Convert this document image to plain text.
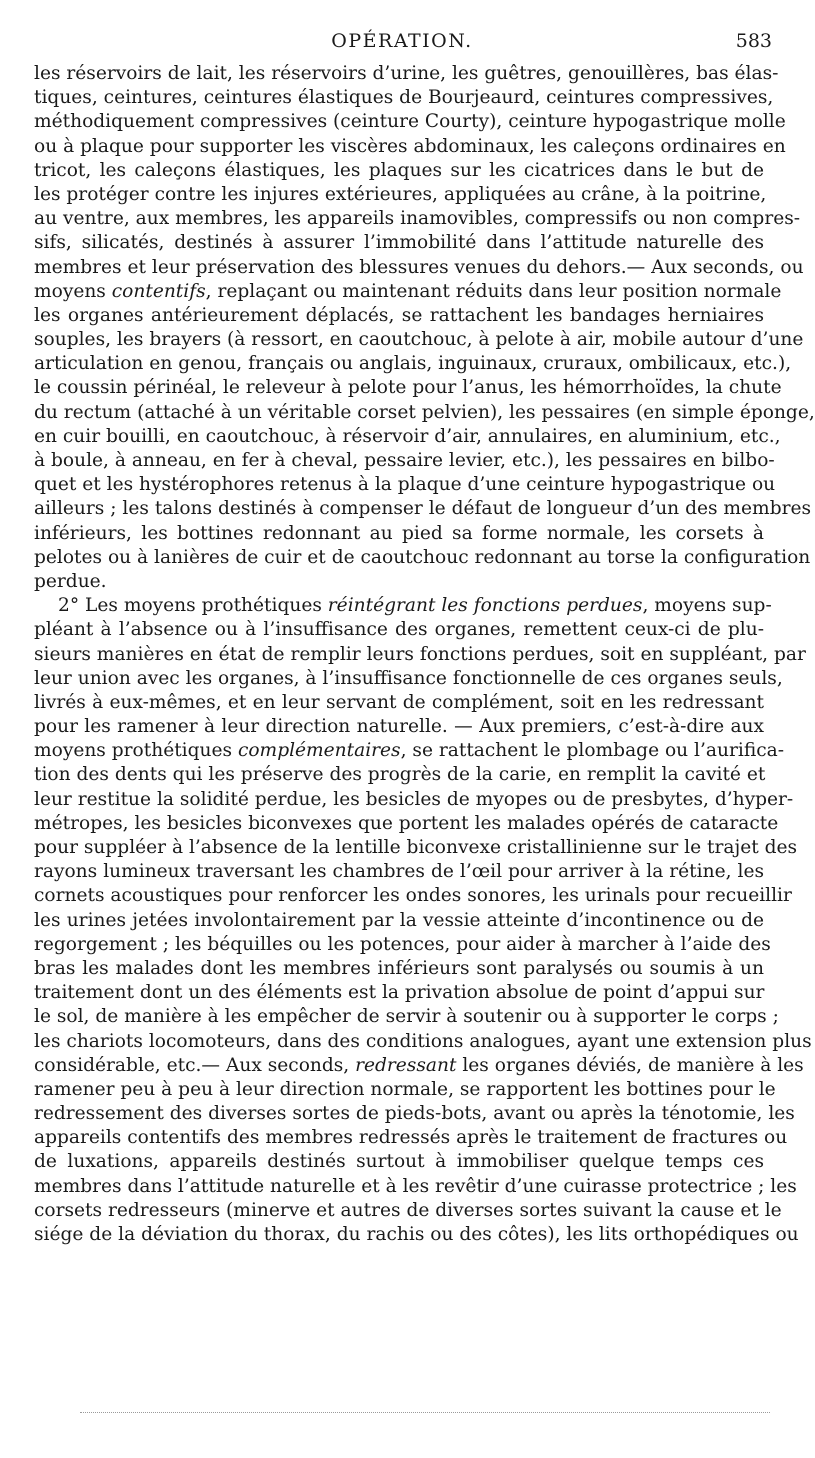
OPÉRATION.	583
les réservoirs de lait, les réservoirs d’urine, les guêtres, genouillères, bas élas-
tiques, ceintures, ceintures élastiques de Bourjeaurd, ceintures compressives,
méthodiquement compressives (ceinture Courty), ceinture hypogastrique molle
ou à plaque pour supporter les viscères abdominaux, les caleçons ordinaires en
tricot, les caleçons élastiques, les plaques sur les cicatrices dans le but de
les protéger contre les injures extérieures, appliquées au crâne, à la poitrine,
au ventre, aux membres, les appareils inamovibles, compressifs ou non compres-
sifs, silicatés, destinés à assurer l’immobilité dans l’attitude naturelle des
membres et leur préservation des blessures venues du dehors.— Aux seconds, ou
moyens contentifs, replaçant ou maintenant réduits dans leur position normale
les organes antérieurement déplacés, se rattachent les bandages herniaires
souples, les brayers (à ressort, en caoutchouc, à pelote à air, mobile autour d’une
articulation en genou, français ou anglais, inguinaux, cruraux, ombilicaux, etc.),
le coussin périnéal, le releveur à pelote pour l’anus, les hémorrhoïdes, la chute
du rectum (attaché à un véritable corset pelvien), les pessaires (en simple éponge,
en cuir bouilli, en caoutchouc, à réservoir d’air, annulaires, en aluminium, etc.,
à boule, à anneau, en fer à cheval, pessaire levier, etc.), les pessaires en bilbo-
quet et les hystérophores retenus à la plaque d’une ceinture hypogastrique ou
ailleurs ; les talons destinés à compenser le défaut de longueur d’un des membres
inférieurs, les bottines redonnant au pied sa forme normale, les corsets à
pelotes ou à lanières de cuir et de caoutchouc redonnant au torse la configuration
perdue.
2° Les moyens prothétiques réintégrant les fonctions perdues, moyens sup-
pléant à l’absence ou à l’insuffisance des organes, remettent ceux-ci de plu-
sieurs manières en état de remplir leurs fonctions perdues, soit en suppléant, par
leur union avec les organes, à l’insuffisance fonctionnelle de ces organes seuls,
livrés à eux-mêmes, et en leur servant de complément, soit en les redressant
pour les ramener à leur direction naturelle. — Aux premiers, c’est-à-dire aux
moyens prothétiques complémentaires, se rattachent le plombage ou l’aurifica-
tion des dents qui les préserve des progrès de la carie, en remplit la cavité et
leur restitue la solidité perdue, les besicles de myopes ou de presbytes, d’hyper-
métropes, les besicles biconvexes que portent les malades opérés de cataracte
pour suppléer à l’absence de la lentille biconvexe cristallinienne sur le trajet des
rayons lumineux traversant les chambres de l’œil pour arriver à la rétine, les
cornets acoustiques pour renforcer les ondes sonores, les urinals pour recueillir
les urines jetées involontairement par la vessie atteinte d’incontinence ou de
regorgement ; les béquilles ou les potences, pour aider à marcher à l’aide des
bras les malades dont les membres inférieurs sont paralysés ou soumis à un
traitement dont un des éléments est la privation absolue de point d’appui sur
le sol, de manière à les empêcher de servir à soutenir ou à supporter le corps ;
les chariots locomoteurs, dans des conditions analogues, ayant une extension plus
considérable, etc.— Aux seconds, redressant les organes déviés, de manière à les
ramener peu à peu à leur direction normale, se rapportent les bottines pour le
redressement des diverses sortes de pieds-bots, avant ou après la ténotomie, les
appareils contentifs des membres redressés après le traitement de fractures ou
de luxations, appareils destinés surtout à immobiliser quelque temps ces
membres dans l’attitude naturelle et à les revêtir d’une cuirasse protectrice ; les
corsets redresseurs (minerve et autres de diverses sortes suivant la cause et le
siége de la déviation du thorax, du rachis ou des côtes), les lits orthopédiques ou
